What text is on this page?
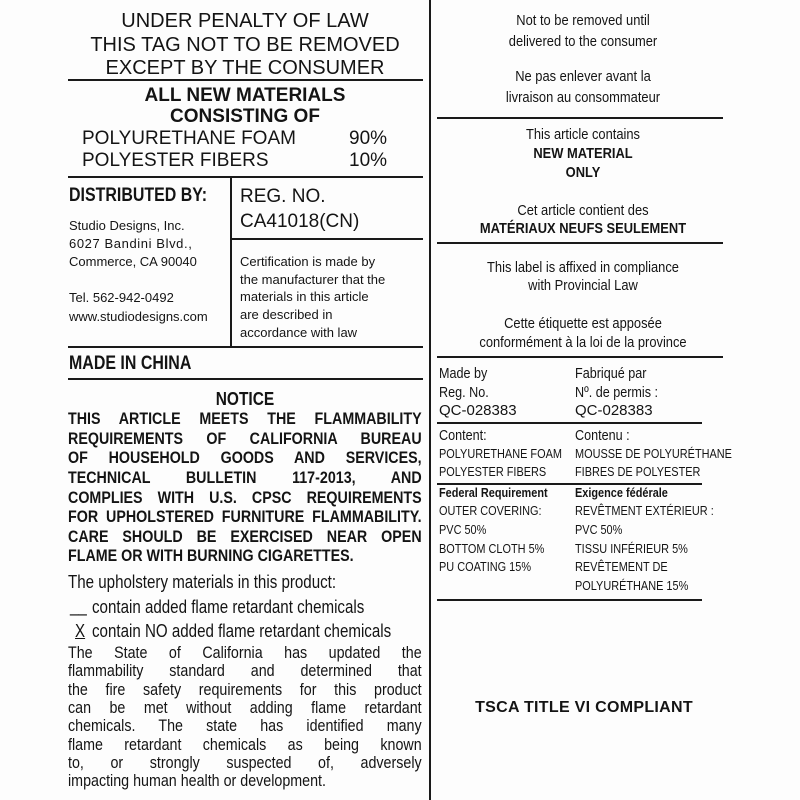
UNDER PENALTY OF LAW
THIS TAG NOT TO BE REMOVED
EXCEPT BY THE CONSUMER
ALL NEW MATERIALS
CONSISTING OF
POLYURETHANE FOAM	90%
POLYESTER FIBERS	10%
DISTRIBUTED BY:
Studio Designs, Inc.
6027 Bandini Blvd.,
Commerce, CA 90040
Tel. 562-942-0492
www.studiodesigns.com
REG. NO.
CA41018(CN)
Certification is made by
the manufacturer that the
materials in this article
are described in
accordance with law
MADE IN CHINA
NOTICE
THIS ARTICLE MEETS THE FLAMMABILITY
REQUIREMENTS OF CALIFORNIA BUREAU
OF HOUSEHOLD GOODS AND SERVICES,
TECHNICAL BULLETIN 117-2013, AND
COMPLIES WITH U.S. CPSC REQUIREMENTS
FOR UPHOLSTERED FURNITURE FLAMMABILITY.
CARE SHOULD BE EXERCISED NEAR OPEN
FLAME OR WITH BURNING CIGARETTES.
The upholstery materials in this product:
__ contain added flame retardant chemicals
X contain NO added flame retardant chemicals
The State of California has updated the
flammability standard and determined that
the fire safety requirements for this product
can be met without adding flame retardant
chemicals. The state has identified many
flame retardant chemicals as being known
to, or strongly suspected of, adversely
impacting human health or development.
Not to be removed until
delivered to the consumer
Ne pas enlever avant la
livraison au consommateur
This article contains
NEW MATERIAL
ONLY
Cet article contient des
MATÉRIAUX NEUFS SEULEMENT
This label is affixed in compliance
with Provincial Law
Cette étiquette est apposée
conformément à la loi de la province
Made by
Reg. No.
QC-028383
Fabriqué par
Nº. de permis :
QC-028383
Content:
POLYURETHANE FOAM
POLYESTER FIBERS
Contenu :
MOUSSE DE POLYURÉTHANE
FIBRES DE POLYESTER
Federal Requirement
OUTER COVERING:
PVC 50%
BOTTOM CLOTH 5%
PU COATING 15%
Exigence fédérale
REVÊTMENT EXTÉRIEUR :
PVC 50%
TISSU INFÉRIEUR 5%
REVÊTEMENT DE
POLYURÉTHANE 15%
TSCA TITLE VI COMPLIANT
